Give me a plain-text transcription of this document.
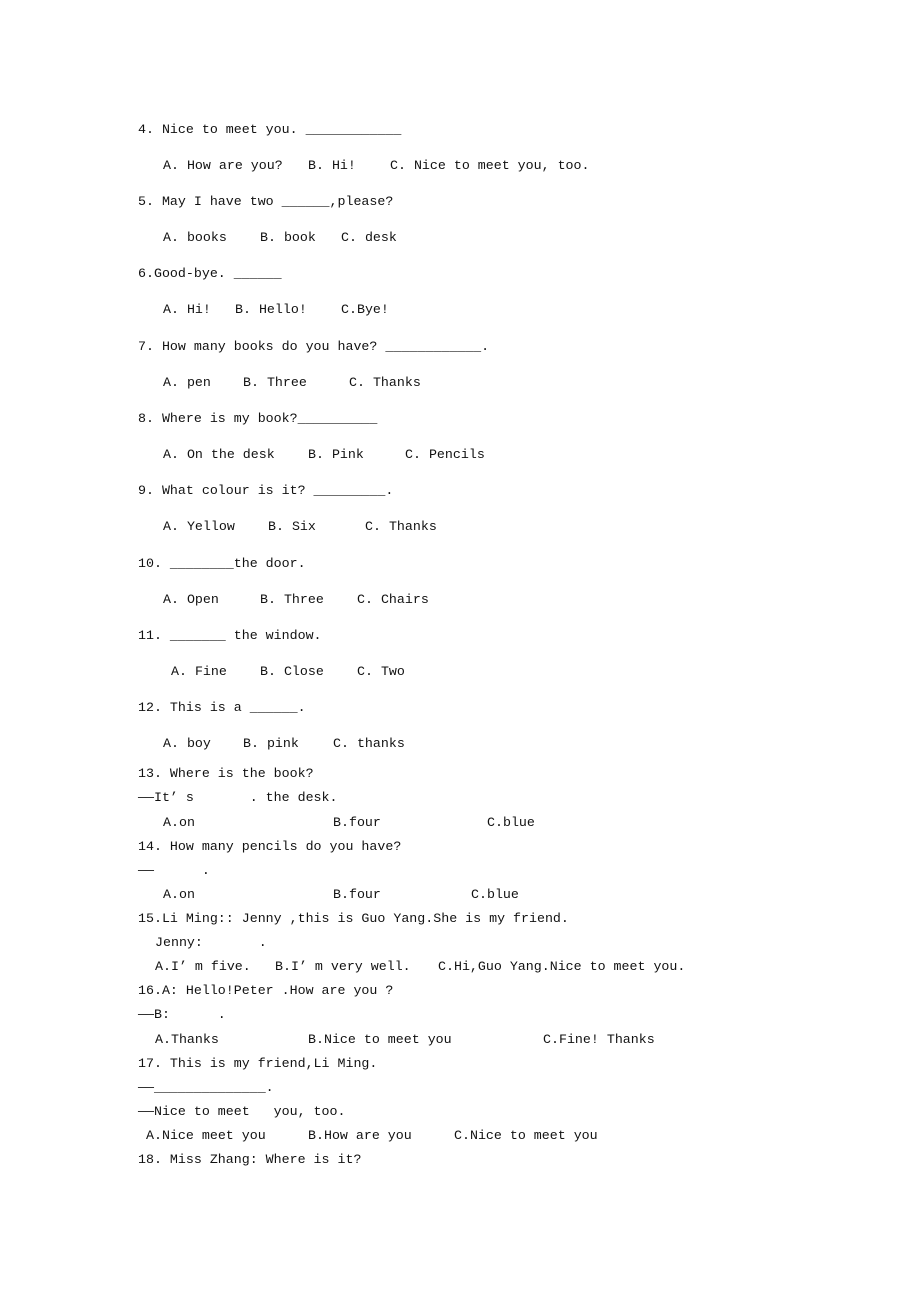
4. Nice to meet you. ____________
A. How are you? B. Hi!	C. Nice to meet you, too.
5. May I have two ______,please?
A. books B. book C. desk
6.Good-bye. ______
A. Hi! B. Hello!	C.Bye!
7. How many books do you have? ____________.
A. pen B. Three	C. Thanks
8. Where is my book?__________
A. On the desk	B. Pink	C. Pencils
9. What colour is it? _________.
A. Yellow B. Six	C. Thanks
10. ________the door.
A. Open	B. Three C. Chairs
11. _______ the window.
A. Fine B. Close C. Two
12. This is a ______.
A. boy B. pink	C. thanks
13. Where is the book?
——It’ s       . the desk.
A.on	B.four	C.blue
14. How many pencils do you have?
——      .
A.on	B.four	C.blue
15.Li Ming:: Jenny ,this is Guo Yang.She is my friend.
Jenny:       .
A.I’ m five. B.I’ m very well. C.Hi,Guo Yang.Nice to meet you.
16.A: Hello!Peter .How are you ?
——B:      .
A.Thanks	B.Nice to meet you	C.Fine! Thanks
17. This is my friend,Li Ming.
——______________.
——Nice to meet   you, too.
A.Nice meet you	B.How are you	C.Nice to meet you
18. Miss Zhang: Where is it?
